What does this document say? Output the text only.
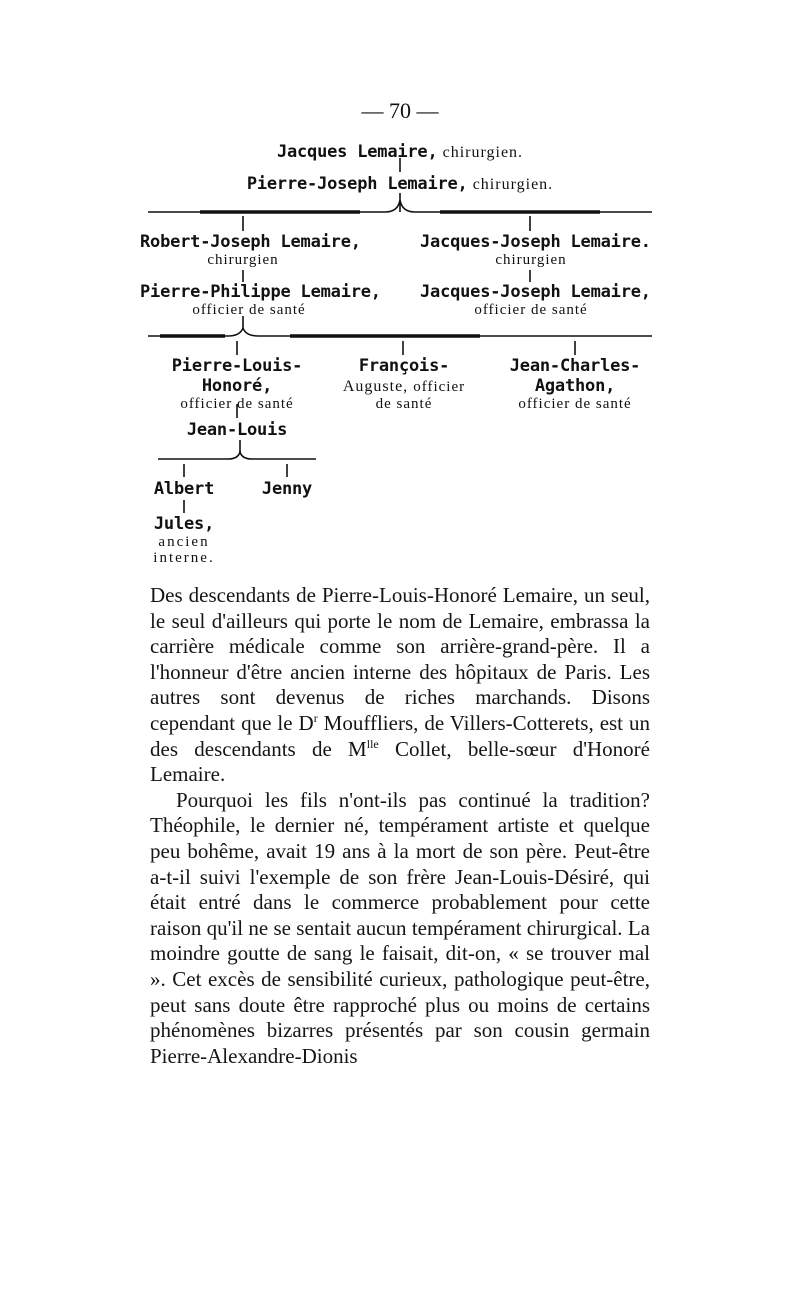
— 70 —
Jacques Lemaire, chirurgien.
Pierre-Joseph Lemaire, chirurgien.
Robert-Joseph Lemaire,
chirurgien
Jacques-Joseph Lemaire.
chirurgien
Pierre-Philippe Lemaire,
officier de santé
Jacques-Joseph Lemaire,
officier de santé
Pierre-Louis-
Honoré,
officier de santé
François-
Auguste, officier
de santé
Jean-Charles-
Agathon,
officier de santé
Jean-Louis
Albert	Jenny
Jules,
ancien
interne.

Des descendants de Pierre-Louis-Honoré Lemaire, un seul, le seul d'ailleurs qui porte le nom de Lemaire, embrassa la carrière médicale comme son arrière-grand-père. Il a l'honneur d'être ancien interne des hôpitaux de Paris. Les autres sont devenus de riches marchands. Disons cependant que le $D^r$ Mouffliers, de Villers-Cotterets, est un des descendants de $M^{lle}$ Collet, belle-sœur d'Honoré Lemaire.

Pourquoi les fils n'ont-ils pas continué la tradition? Théophile, le dernier né, tempérament artiste et quelque peu bohême, avait 19 ans à la mort de son père. Peut-être a-t-il suivi l'exemple de son frère Jean-Louis-Désiré, qui était entré dans le commerce probablement pour cette raison qu'il ne se sentait aucun tempérament chirurgical. La moindre goutte de sang le faisait, dit-on, « se trouver mal ». Cet excès de sensibilité curieux, pathologique peut-être, peut sans doute être rapproché plus ou moins de certains phénomènes bizarres présentés par son cousin germain Pierre-Alexandre-Dionis
